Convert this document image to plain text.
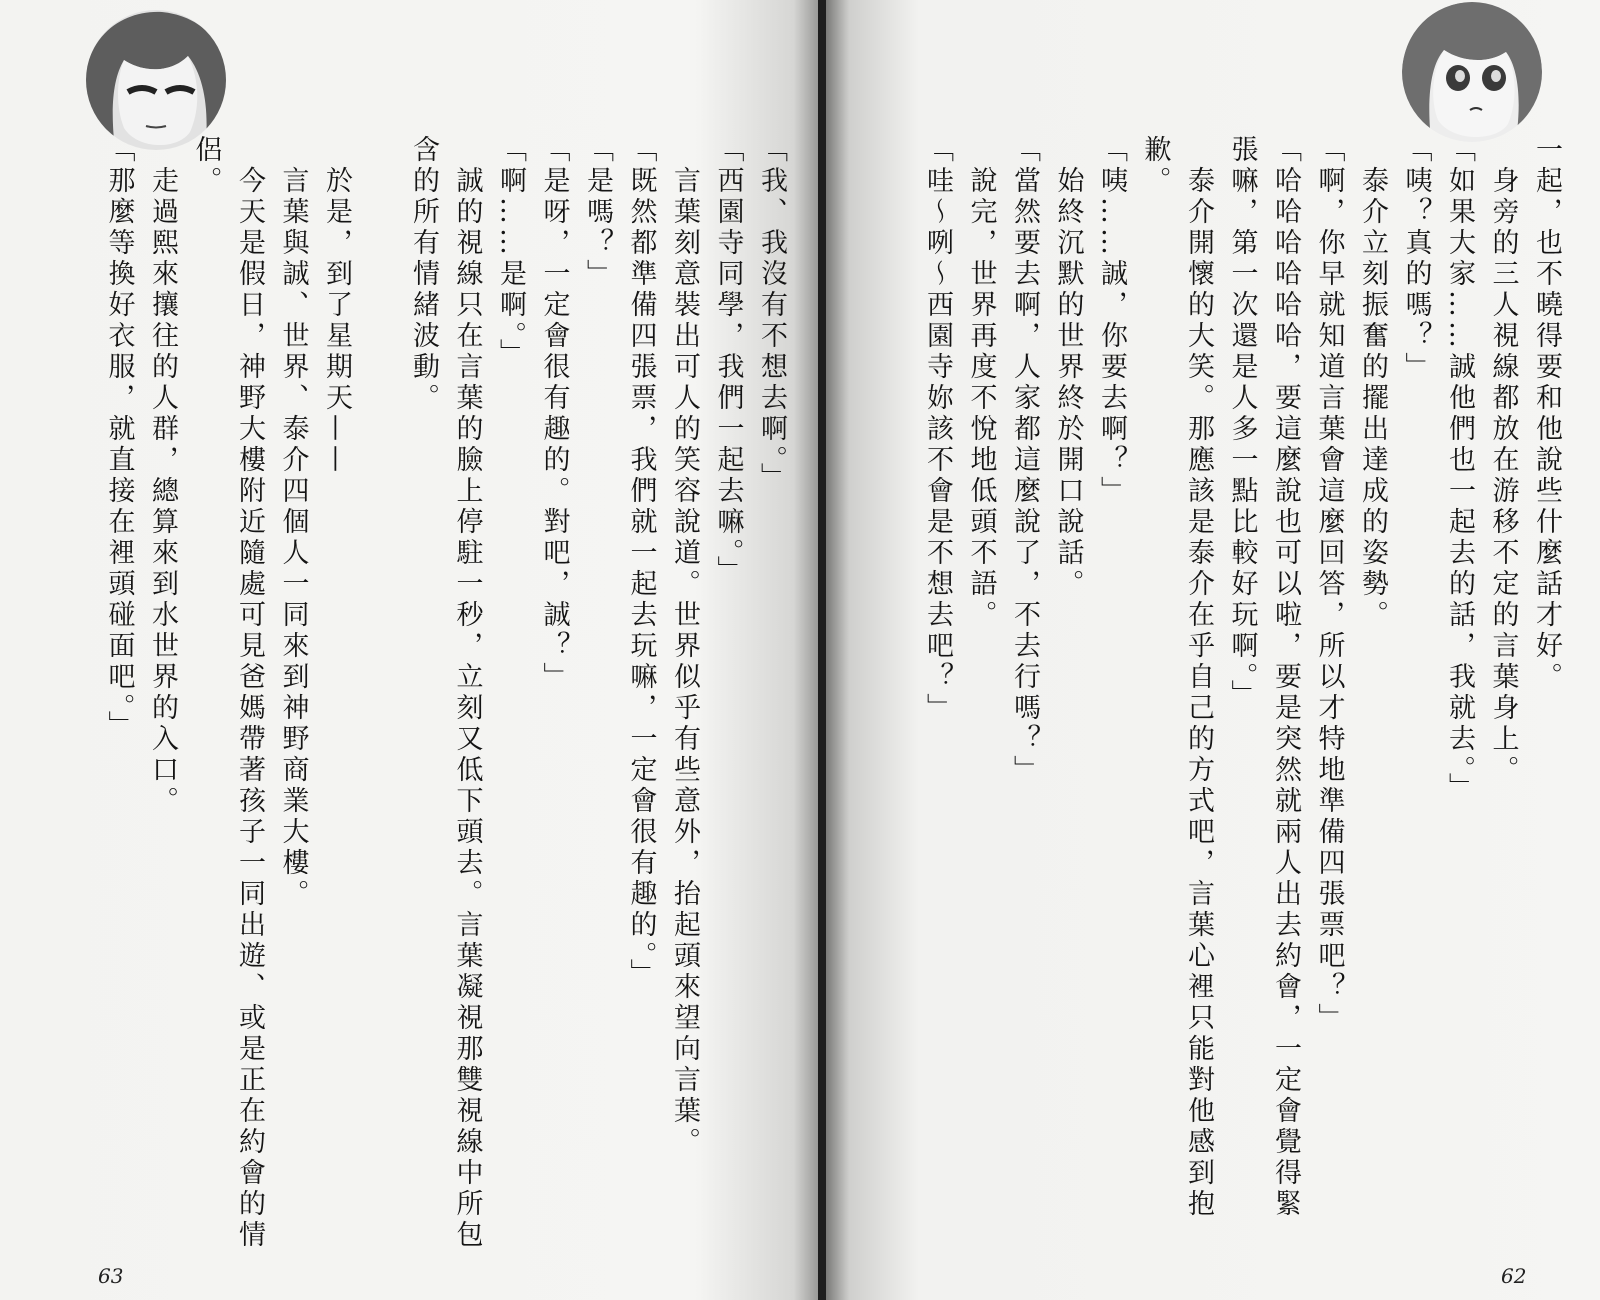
一起，也不曉得要和他說些什麼話才好。
　身旁的三人視線都放在游移不定的言葉身上。
「如果大家……誠他們也一起去的話，我就去。」
「咦？真的嗎？」
　泰介立刻振奮的擺出達成的姿勢。
「啊，你早就知道言葉會這麼回答，所以才特地準備四張票吧？」
「哈哈哈哈哈哈，要這麼說也可以啦，要是突然就兩人出去約會，一定會覺得緊
張嘛，第一次還是人多一點比較好玩啊。」
　泰介開懷的大笑。那應該是泰介在乎自己的方式吧，言葉心裡只能對他感到抱
歉。
「咦……誠，你要去啊？」
　始終沉默的世界終於開口說話。
「當然要去啊，人家都這麼說了，不去行嗎？」
　說完，世界再度不悅地低頭不語。
「哇～咧～西園寺妳該不會是不想去吧？」
62
「我、我沒有不想去啊。」
「西園寺同學，我們一起去嘛。」
　言葉刻意裝出可人的笑容說道。世界似乎有些意外，抬起頭來望向言葉。
「既然都準備四張票，我們就一起去玩嘛，一定會很有趣的。」
「是嗎？」
「是呀，一定會很有趣的。對吧，誠？」
「啊……是啊。」
　誠的視線只在言葉的臉上停駐一秒，立刻又低下頭去。言葉凝視那雙視線中所包
含的所有情緒波動。

　於是，到了星期天——
　言葉與誠、世界、泰介四個人一同來到神野商業大樓。
　今天是假日，神野大樓附近隨處可見爸媽帶著孩子一同出遊、或是正在約會的情
侶。
　走過熙來攘往的人群，總算來到水世界的入口。
「那麼等換好衣服，就直接在裡頭碰面吧。」
63
